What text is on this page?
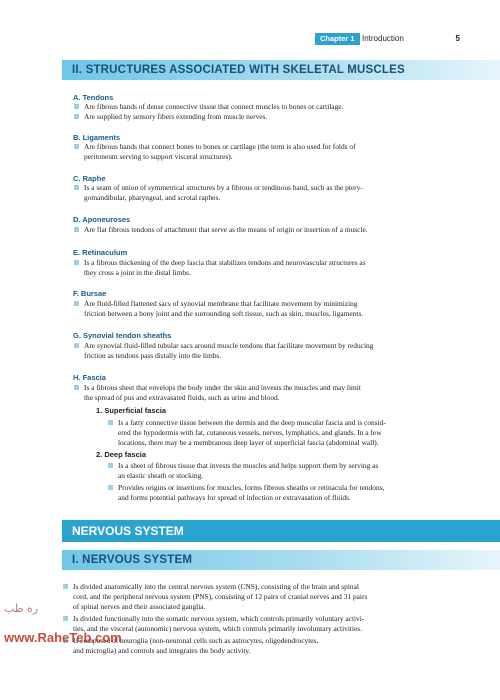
Chapter 1 Introduction	5
II. STRUCTURES ASSOCIATED WITH SKELETAL MUSCLES
A. Tendons
Are fibrous bands of dense connective tissue that connect muscles to bones or cartilage.
Are supplied by sensory fibers extending from muscle nerves.
B. Ligaments
Are fibrous bands that connect bones to bones or cartilage (the term is also used for folds of
peritoneum serving to support visceral structures).
C. Raphe
Is a seam of union of symmetrical structures by a fibrous or tendinous band, such as the ptery-
gomandibular, pharyngeal, and scrotal raphes.
D. Aponeuroses
Are flat fibrous tendons of attachment that serve as the means of origin or insertion of a muscle.
E. Retinaculum
Is a fibrous thickening of the deep fascia that stabilizes tendons and neurovascular structures as
they cross a joint in the distal limbs.
F. Bursae
Are fluid-filled flattened sacs of synovial membrane that facilitate movement by minimizing
friction between a bony joint and the surrounding soft tissue, such as skin, muscles, ligaments.
G. Synovial tendon sheaths
Are synovial fluid-filled tubular sacs around muscle tendons that facilitate movement by reducing
friction as tendons pass distally into the limbs.
H. Fascia
Is a fibrous sheet that envelops the body under the skin and invests the muscles and may limit
the spread of pus and extravasated fluids, such as urine and blood.
1. Superficial fascia
Is a fatty connective tissue between the dermis and the deep muscular fascia and is consid-
ered the hypodermis with fat, cutaneous vessels, nerves, lymphatics, and glands. In a few
locations, there may be a membranous deep layer of superficial fascia (abdominal wall).
2. Deep fascia
Is a sheet of fibrous tissue that invests the muscles and helps support them by serving as
an elastic sheath or stocking.
Provides origins or insertions for muscles, forms fibrous sheaths or retinacula for tendons,
and forms potential pathways for spread of infection or extravasation of fluids.
NERVOUS SYSTEM
I. NERVOUS SYSTEM
Is divided anatomically into the central nervous system (CNS), consisting of the brain and spinal
cord, and the peripheral nervous system (PNS), consisting of 12 pairs of cranial nerves and 31 pairs
of spinal nerves and their associated ganglia.
Is divided functionally into the somatic nervous system, which controls primarily voluntary activi-
ties, and the visceral (autonomic) nervous system, which controls primarily involuntary activities.
Is composed of neuroglia (non-neuronal cells such as astrocytes, oligodendrocytes,
and microglia) and controls and integrates the body activity.
ره طب
www.RaheTeb.com
